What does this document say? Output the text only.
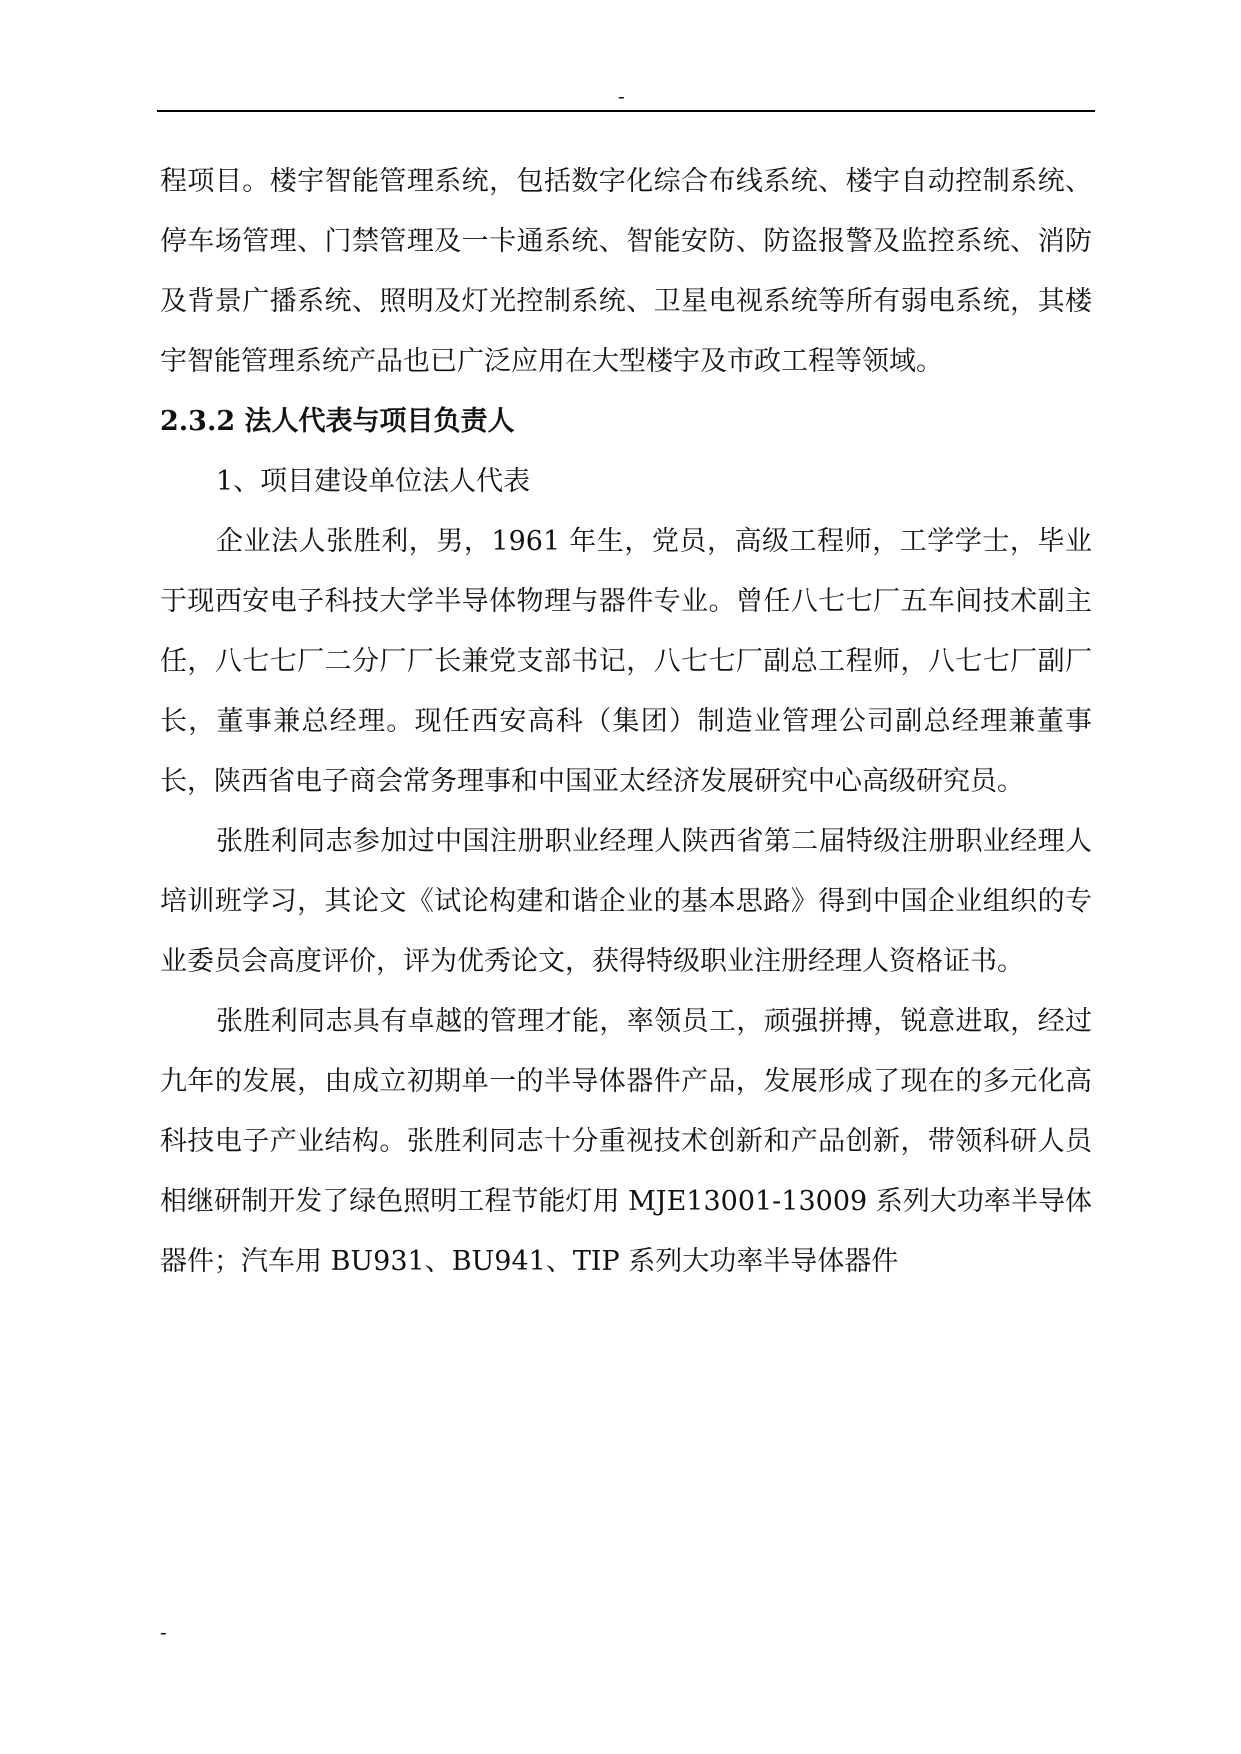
-

程项目。楼宇智能管理系统，包括数字化综合布线系统、楼宇自动控制系统、停车场管理、门禁管理及一卡通系统、智能安防、防盗报警及监控系统、消防及背景广播系统、照明及灯光控制系统、卫星电视系统等所有弱电系统，其楼宇智能管理系统产品也已广泛应用在大型楼宇及市政工程等领域。

2.3.2 法人代表与项目负责人

1、项目建设单位法人代表

企业法人张胜利，男，1961 年生，党员，高级工程师，工学学士，毕业于现西安电子科技大学半导体物理与器件专业。曾任八七七厂五车间技术副主任，八七七厂二分厂厂长兼党支部书记，八七七厂副总工程师，八七七厂副厂长，董事兼总经理。现任西安高科（集团）制造业管理公司副总经理兼董事长，陕西省电子商会常务理事和中国亚太经济发展研究中心高级研究员。

张胜利同志参加过中国注册职业经理人陕西省第二届特级注册职业经理人培训班学习，其论文《试论构建和谐企业的基本思路》得到中国企业组织的专业委员会高度评价，评为优秀论文，获得特级职业注册经理人资格证书。

张胜利同志具有卓越的管理才能，率领员工，顽强拼搏，锐意进取，经过九年的发展，由成立初期单一的半导体器件产品，发展形成了现在的多元化高科技电子产业结构。张胜利同志十分重视技术创新和产品创新，带领科研人员相继研制开发了绿色照明工程节能灯用 MJE13001-13009 系列大功率半导体器件；汽车用 BU931、BU941、TIP 系列大功率半导体器件

-
